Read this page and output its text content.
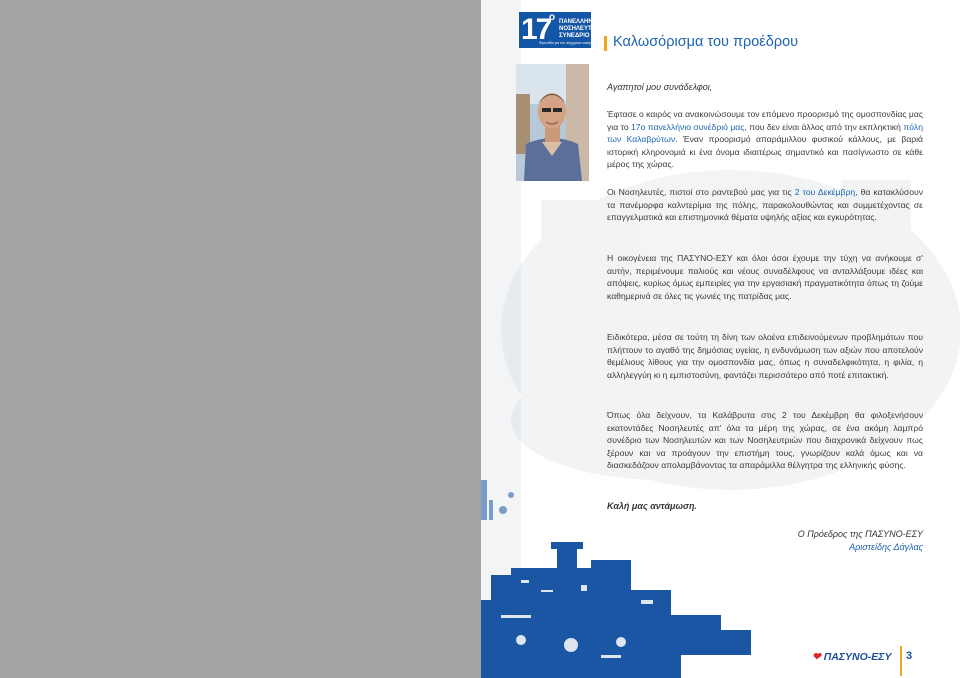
17
ο ΠΑΝΕΛΛΗΝΙΟ
ΝΟΣΗΛΕΥΤΙΚΟ
ΣΥΝΕΔΡΙΟ
Φροντίδα για τον σύγχρονο νοσηλευτή Καλωσόρισμα του προέδρου
Αγαπητοί μου συνάδελφοι,

Έφτασε ο καιρός να ανακοινώσουμε τον επόμενο προορισμό της ομοσπονδίας μας για το 17ο πανελλήνιο συνέδριό μας, που δεν είναι άλλος από την εκπληκτική πόλη των Καλαβρύτων. Έναν προορισμό απαράμιλλου φυσικού κάλλους, με βαριά ιστορική κληρονομιά κι ένα όνομα ιδιαιτέρως σημαντικό και πασίγνωστο σε κάθε μέρος της χώρας.

Οι Νοσηλευτές, πιστοί στο ραντεβού μας για τις 2 του Δεκέμβρη, θα κατακλύσουν τα πανέμορφα καλντερίμια της πόλης, παρακολουθώντας και συμμετέχοντας σε επαγγελματικά και επιστημονικά θέματα υψηλής αξίας και εγκυρότητας.

Η οικογένεια της ΠΑΣΥΝΟ-ΕΣΥ και όλοι όσοι έχουμε την τύχη να ανήκουμε σ' αυτήν, περιμένουμε παλιούς και νέους συναδέλφους να ανταλλάξουμε ιδέες και απόψεις, κυρίως όμως εμπειρίες για την εργασιακή πραγματικότητα όπως τη ζούμε καθημερινά σε όλες τις γωνιές της πατρίδας μας.

Ειδικότερα, μέσα σε τούτη τη δίνη των ολοένα επιδεινούμενων προβλημάτων που πλήττουν το αγαθό της δημόσιας υγείας, η ενδυνάμωση των αξιών που αποτελούν θεμέλιους λίθους για την ομοσπονδία μας, όπως η συναδελφικότητα, η φιλία, η αλληλεγγύη κι η εμπιστοσύνη, φαντάζει περισσότερο από ποτέ επιτακτική.

Όπως όλα δείχνουν, τα Καλάβρυτα στις 2 του Δεκέμβρη θα φιλοξενήσουν εκατοντάδες Νοσηλευτές απ' όλα τα μέρη της χώρας, σε ένα ακόμη λαμπρό συνέδριο των Νοσηλευτών και των Νοσηλευτριών που διαχρονικά δείχνουν πως ξέρουν και να προάγουν την επιστήμη τους, γνωρίζουν καλά όμως και να διασκεδάζουν απολαμβάνοντας τα απαράμιλλα θέλγητρα της ελληνικής φύσης.

Καλή μας αντάμωση.
Ο Πρόεδρος της ΠΑΣΥΝΟ-ΕΣΥ
Αριστείδης Δάγλας
❤ ΠΑΣΥΝΟ-ΕΣΥ 3
